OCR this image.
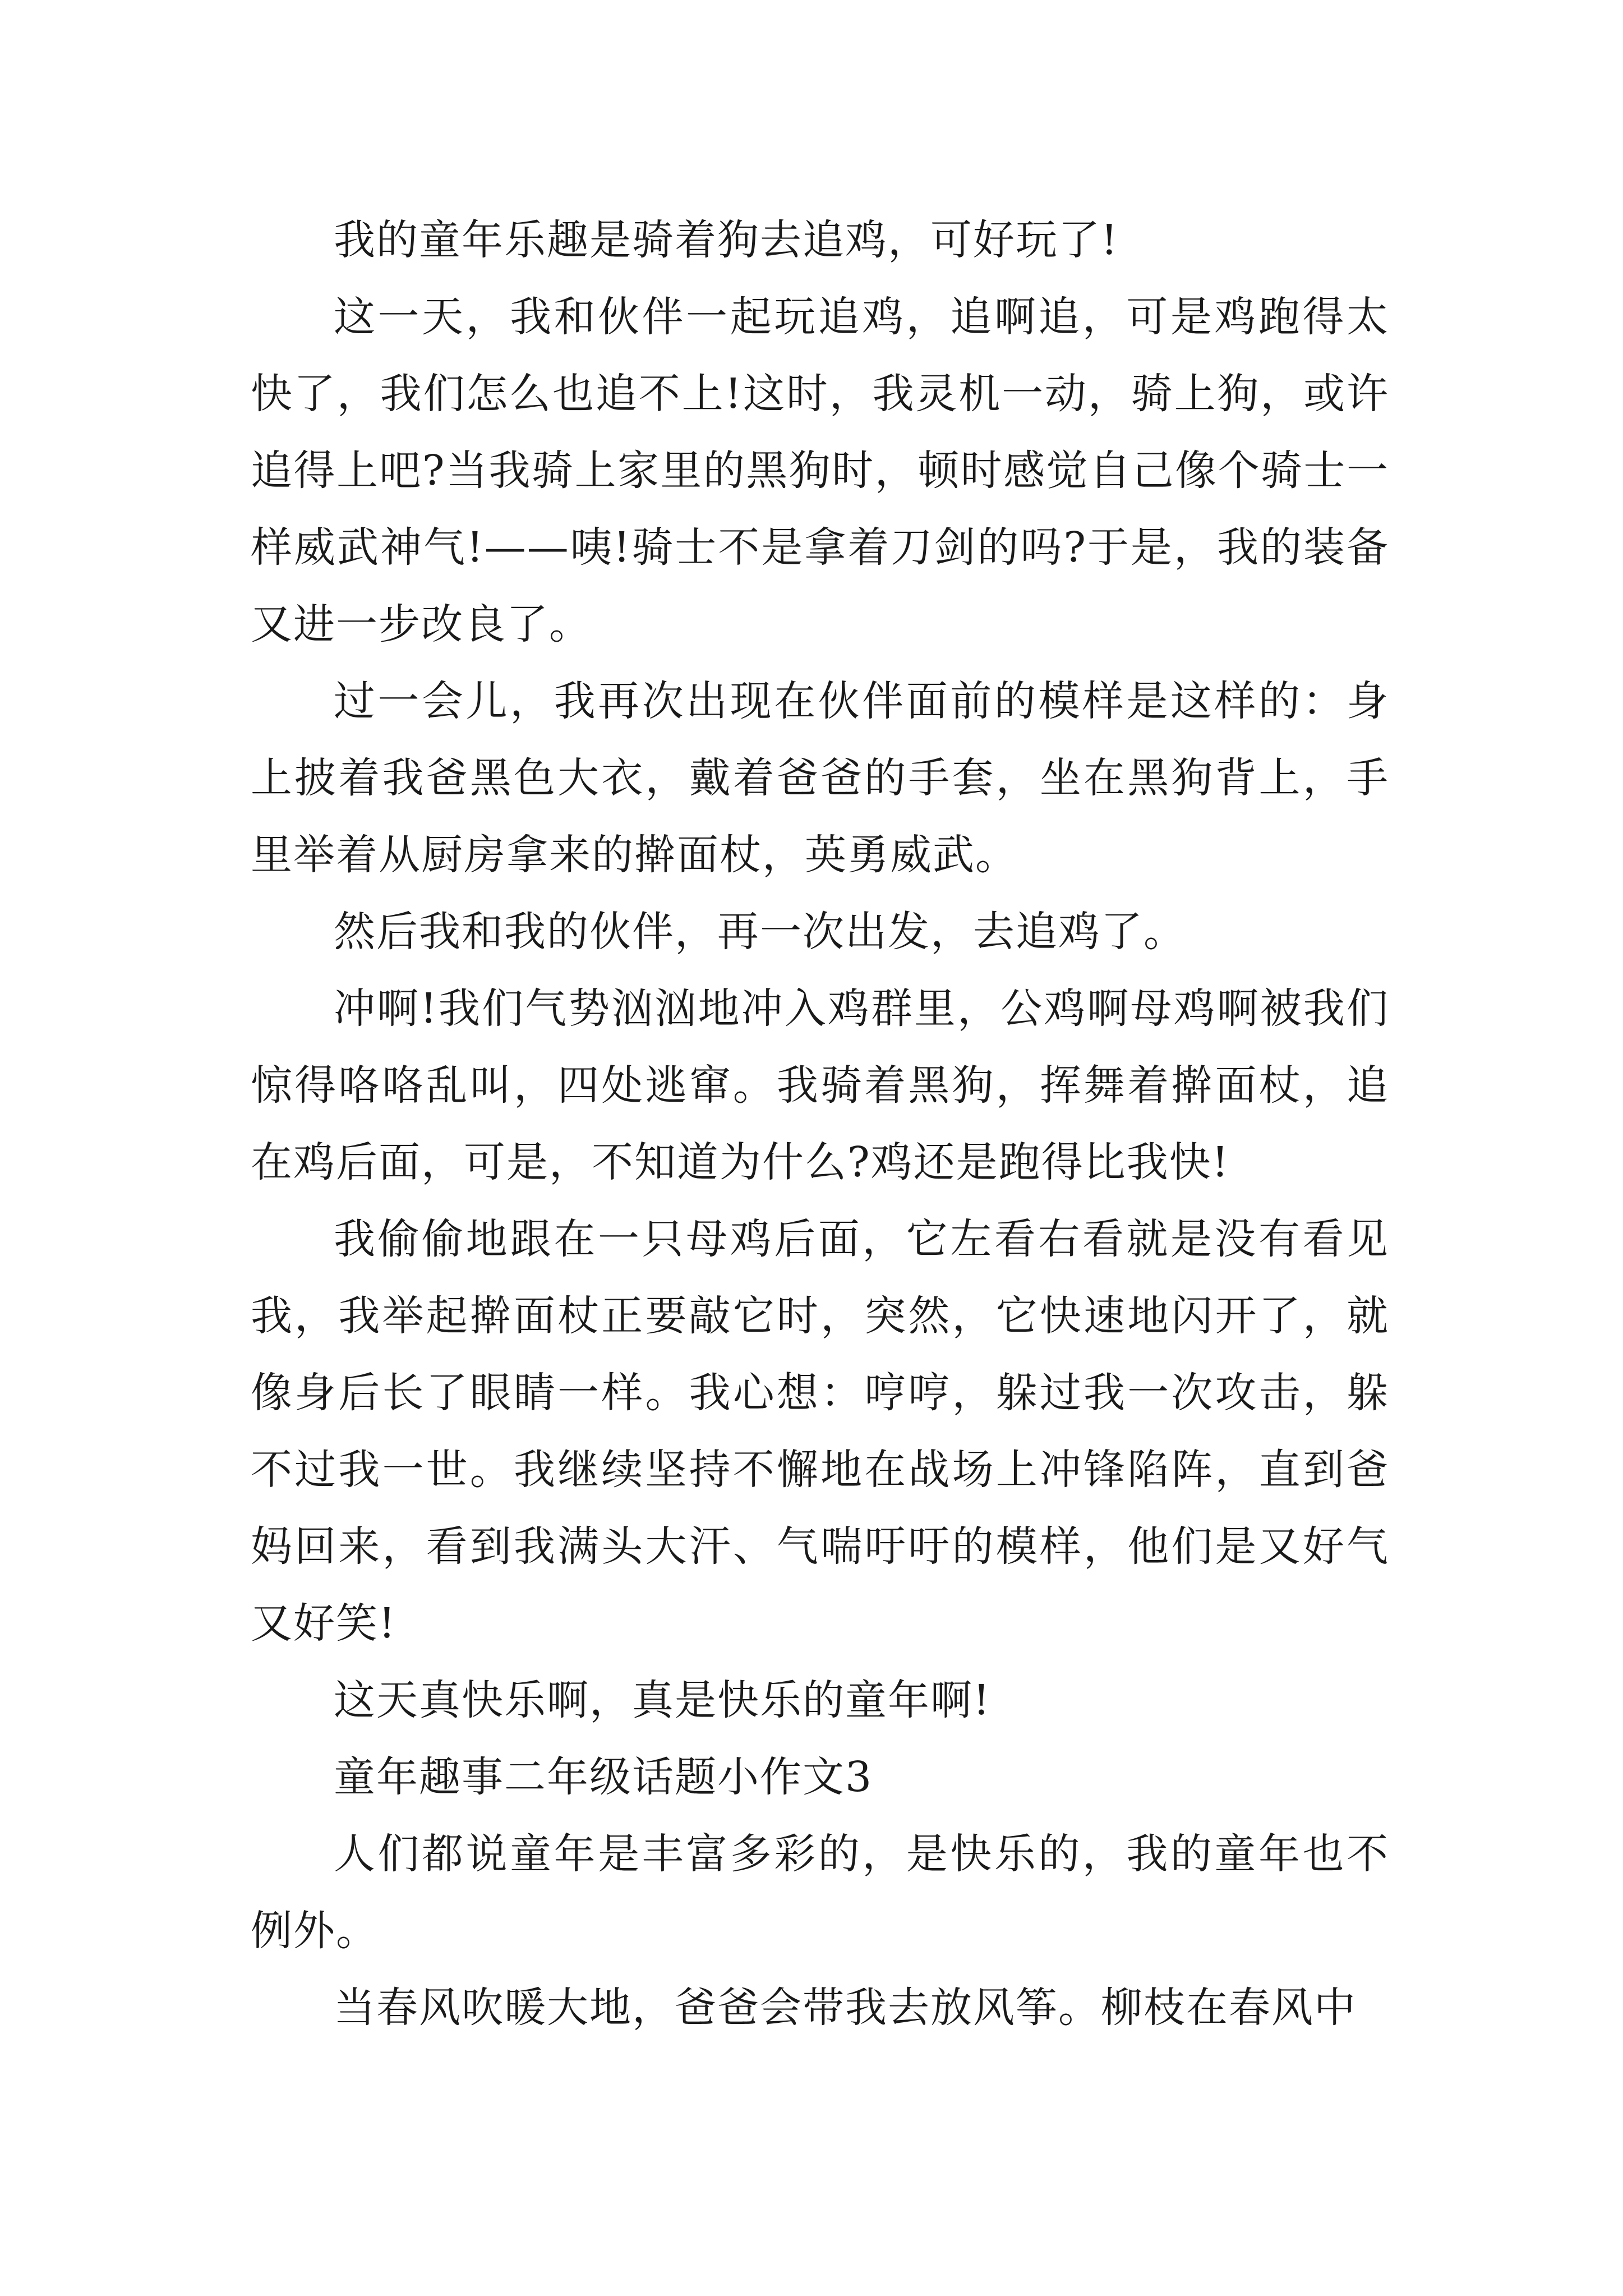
我的童年乐趣是骑着狗去追鸡，可好玩了!

这一天，我和伙伴一起玩追鸡，追啊追，可是鸡跑得太快了，我们怎么也追不上!这时，我灵机一动，骑上狗，或许追得上吧?当我骑上家里的黑狗时，顿时感觉自己像个骑士一样威武神气!——咦!骑士不是拿着刀剑的吗?于是，我的装备又进一步改良了。

过一会儿，我再次出现在伙伴面前的模样是这样的：身上披着我爸黑色大衣，戴着爸爸的手套，坐在黑狗背上，手里举着从厨房拿来的擀面杖，英勇威武。

然后我和我的伙伴，再一次出发，去追鸡了。

冲啊!我们气势汹汹地冲入鸡群里，公鸡啊母鸡啊被我们惊得咯咯乱叫，四处逃窜。我骑着黑狗，挥舞着擀面杖，追在鸡后面，可是，不知道为什么?鸡还是跑得比我快!

我偷偷地跟在一只母鸡后面，它左看右看就是没有看见我，我举起擀面杖正要敲它时，突然，它快速地闪开了，就像身后长了眼睛一样。我心想：哼哼，躲过我一次攻击，躲不过我一世。我继续坚持不懈地在战场上冲锋陷阵，直到爸妈回来，看到我满头大汗、气喘吁吁的模样，他们是又好气又好笑!

这天真快乐啊，真是快乐的童年啊!

童年趣事二年级话题小作文3

人们都说童年是丰富多彩的，是快乐的，我的童年也不例外。

当春风吹暖大地，爸爸会带我去放风筝。柳枝在春风中
